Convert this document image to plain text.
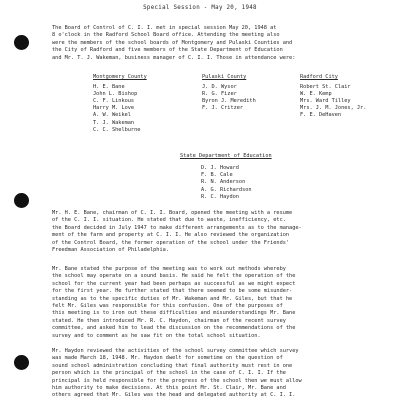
Special Session - May 20, 1948
The Board of Control of C. I. I. met in special session May 20, 1948 at
8 o'clock in the Radford School Board office. Attending the meeting also
were the members of the school boards of Montgomery and Pulaski Counties and
the City of Radford and five members of the State Department of Education
and Mr. T. J. Wakeman, business manager of C. I. I. Those in attendance were:
Montgomery County
H. E. Bane
John L. Bishop
C. F. Linkous
Harry M. Love
A. W. Weikel
T. J. Wakeman
C. C. Shelburne
Pulaski County
J. D. Wysor
R. G. Fizer
Byron J. Meredith
F. J. Critzer
Radford City
Robert St. Clair
W. E. Kemp
Mrs. Ward Tilley
Mrs. J. M. Jones, Jr.
F. E. DeHaven
State Department of Education
D. J. Howard
F. B. Cale
R. N. Anderson
A. G. Richardson
R. C. Haydon
Mr. H. E. Bane, chairman of C. I. I. Board, opened the meeting with a resume
of the C. I. I. situation. He stated that due to waste, inefficiency, etc.
the Board decided in July 1947 to make different arrangements as to the manage-
ment of the farm and property at C. I. I. He also reviewed the organization
of the Control Board, the former operation of the school under the Friends'
Freedman Association of Philadelphia.
Mr. Bane stated the purpose of the meeting was to work out methods whereby
the school may operate on a sound basis. He said he felt the operation of the
school for the current year had been perhaps as successful as we might expect
for the first year. He further stated that there seemed to be some misunder-
standing as to the specific duties of Mr. Wakeman and Mr. Giles, but that he
felt Mr. Giles was responsible for this confusion. One of the purposes of
this meeting is to iron out these difficulties and misunderstandings Mr. Bane
stated. He then introduced Mr. R. C. Haydon, chairman of the recent survey
committee, and asked him to lead the discussion on the recommendations of the
survey and to comment as he saw fit on the total school situation.
Mr. Haydon reviewed the activities of the school survey committee which survey
was made March 18, 1948. Mr. Haydon dwelt for sometime on the question of
sound school administration concluding that final authority must rest in one
person which is the principal of the school in the case of C. I. I. If the
principal is held responsible for the progress of the school then we must allow
him authority to make decisions. At this point Mr. St. Clair, Mr. Bane and
others agreed that Mr. Giles was the head and delegated authority at C. I. I.
